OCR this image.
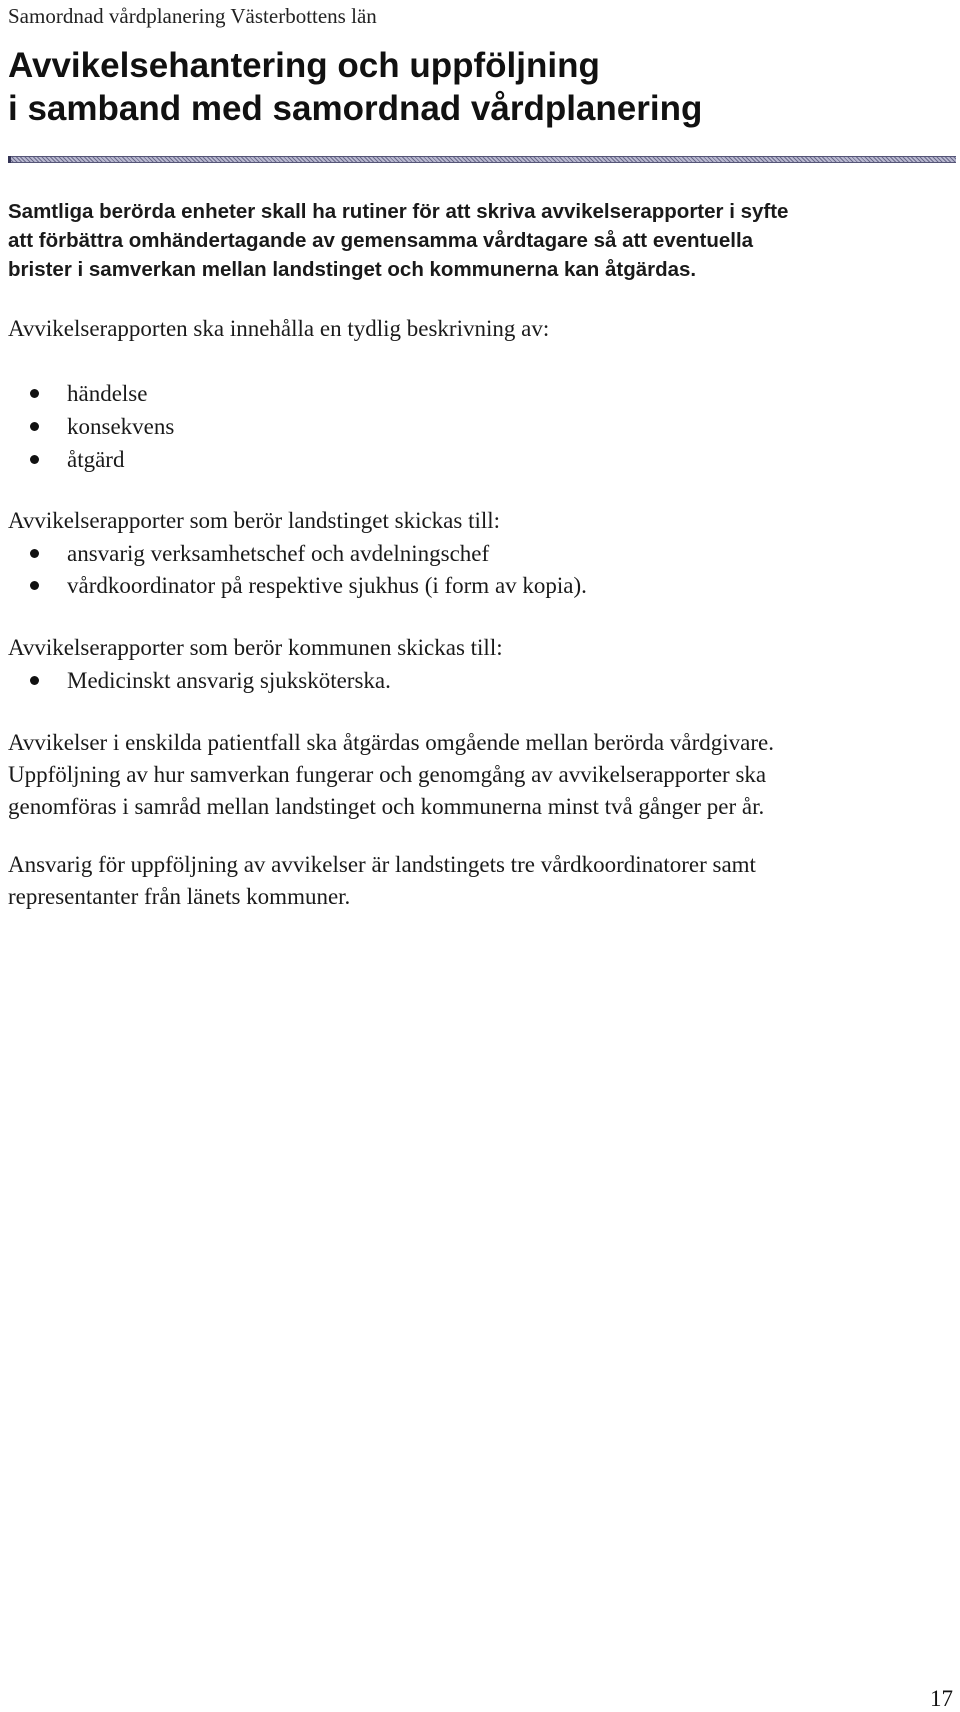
Samordnad vårdplanering Västerbottens län
Avvikelsehantering och uppföljning
i samband med samordnad vårdplanering

Samtliga berörda enheter skall ha rutiner för att skriva avvikelserapporter i syfte
att förbättra omhändertagande av gemensamma vårdtagare så att eventuella
brister i samverkan mellan landstinget och kommunerna kan åtgärdas.

Avvikelserapporten ska innehålla en tydlig beskrivning av:

händelse
konsekvens
åtgärd

Avvikelserapporter som berör landstinget skickas till:

ansvarig verksamhetschef och avdelningschef
vårdkoordinator på respektive sjukhus (i form av kopia).

Avvikelserapporter som berör kommunen skickas till:

Medicinskt ansvarig sjuksköterska.

Avvikelser i enskilda patientfall ska åtgärdas omgående mellan berörda vårdgivare.
Uppföljning av hur samverkan fungerar och genomgång av avvikelserapporter ska
genomföras i samråd mellan landstinget och kommunerna minst två gånger per år.

Ansvarig för uppföljning av avvikelser är landstingets tre vårdkoordinatorer samt
representanter från länets kommuner.

17
